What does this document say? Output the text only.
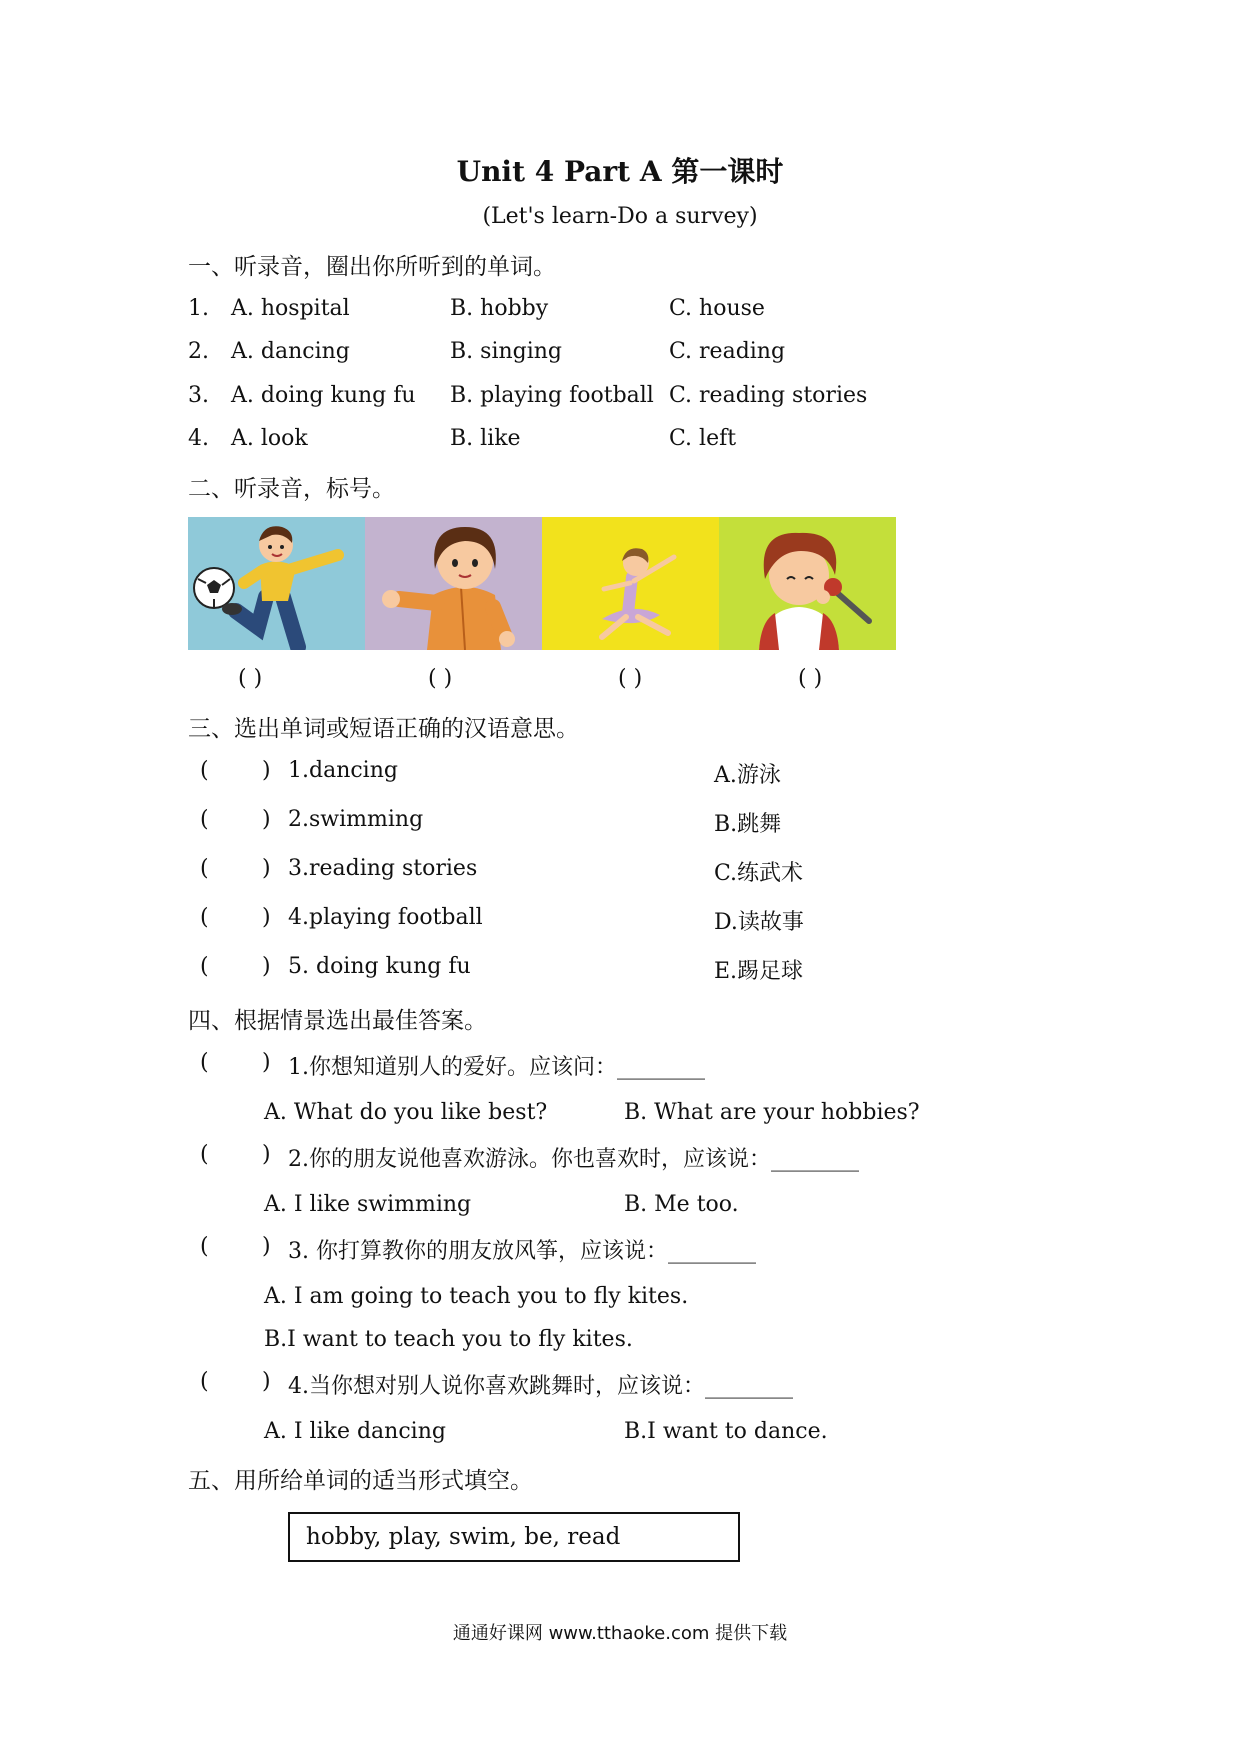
Unit 4 Part A 第一课时
(Let's learn-Do a survey)
一、听录音，圈出你所听到的单词。
1. A. hospital	B. hobby	C. house
2. A. dancing	B. singing	C. reading
3. A. doing kung fu B. playing football C. reading stories
4. A. look	B. like	C. left
二、听录音，标号。
( )	( )	( )	( )
三、选出单词或短语正确的汉语意思。
( ) 1.dancing	A.游泳
( ) 2.swimming	B.跳舞
( ) 3.reading stories	C.练武术
( ) 4.playing football	D.读故事
( ) 5. doing kung fu	E.踢足球
四、根据情景选出最佳答案。
( ) 1.你想知道别人的爱好。应该问：________
A. What do you like best?	B. What are your hobbies?
( ) 2.你的朋友说他喜欢游泳。你也喜欢时，应该说：________
A. I like swimming	B. Me too.
( ) 3. 你打算教你的朋友放风筝，应该说：________
A. I am going to teach you to fly kites.
B.I want to teach you to fly kites.
( ) 4.当你想对别人说你喜欢跳舞时，应该说：________
A. I like dancing	B.I want to dance.
五、用所给单词的适当形式填空。
hobby, play, swim, be, read
通通好课网 www.tthaoke.com 提供下载
